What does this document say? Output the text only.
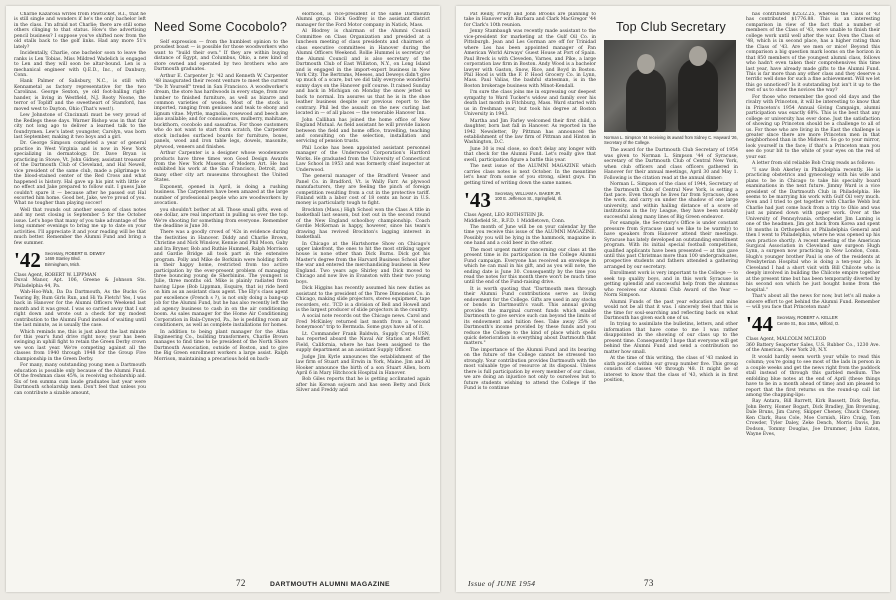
Charlie Kazarosa writes from Pawtucket, R.I., that he is still single and wonders if he's the only bachelor left in the class. I'm afraid not Charlie; there are still some others clinging to that status. How's the advertising pencil business? I suppose you've shifted now from the old stalls back to the golf links. Had any more 51's lately?

Incidentally, Charlie, one bachelor soon to leave the ranks is Len Tobias. Miss Mildred Wadelich is engaged to Len and they will soon be altar-bound. Len is a mechanical engineer with Q.E.D., Inc., of Danbury, Conn.

Hank Palmer of Salisbury, N.C., is still with Kennametal as factory representative for the two Carolinas. George Sexton, ye old foot-balling right-hander, is living in Westfield, N.J. Rooty Noone, the terror of Topliff and the sweetheart of Stamford, has moved west to Dayton, Ohio (That's west!).

Lew Johnstone of Cincinnati must be very proud of the Redlegs these days. Warner Bishop was in that fair city not long ago to deliver a learned talk to the foundrymen. Lew's latest youngster, Carolyn, was born last September, making it two boys and a girl.

Dr. George Simpson completed a year of general practice in West Virginia and is now in New York specializing in dermatology. Dr. Dave Bryan is practicing in Stowe, Vt. John Gidney, assistant treasurer of the Dartmouth Club of Cleveland, and Hal Newell, vice president of the same club, made a pilgrimage to the blood-stained center of the Red Cross and what happened is history. Hal gave up his pint with little or no effect and Jake prepared to follow suit. I guess Jake couldn't spare it — because after he passed out Hal escorted him home. Good bet, Jake, we're proud of you. What no tougher than playing soccer!

Well that rounds out another season of class notes and my next closing is September 5 for the October issue. Let's hope that many of you take advantage of the long summer evenings to bring me up to date on your activities. I'll appreciate it and your reading will be that much better. Remember the Alumni Fund and bring a few summer.

'42 Secretary, ROBERT B. DEWEY
1469 Stanley Blvd.
Birmingham, Mich.

Class Agent, ROBERT W. LIPPMAN
Duval Manor, Apt. 106, Greene & Johnson Sts. Philadelphia 44, Pa.

Wah-Hoo-Wah, Da Da Dartmouth, As the Bucks Go Tearing By, Rum Girls Run, and Hi Ya Fletch! Yes, I was back in Hanover for the Alumni Officers Weekend last month and it was great. I was so carried away that I sat right down and wrote out a check for my modest contribution to the Alumni Fund instead of waiting until the last minute, as is usually the case.

Which reminds me, this is just about the last minute for this year's fund drive right now; your has been swinging in uphill fight to retain the Green Derby crown we won last year. We're competing against all the classes from 1940 through 1948 for the Group Five championship in the Green Derby.

For many, many outstanding young men a Dartmouth education is possible only because of the Alumni Fund. Of the freshman class 45%, is receiving scholarship aid. Six of ten summa cum laude graduates last year were Dartmouth scholarship men. Don't feel that unless you can contribute a sizable amount,

Need Some Cocobolo?

Self expression — from the humblest opinion to the proudest boast — is possible for those woodworkers who want to "build their own." If they are within buying distance of Egypt, and Columbus, Ohio, a new kind of store owned and operated by two brothers who are Dartmouth graduates.

Arthur E. Carpenter Jr. '42 and Kenneth W. Carpenter '48 inaugurated their recent venture to meet the current "Do It Yourself" trend in San Francisco. A woodworker's dream, the store has hardwoods in every stage, from raw lumber to finished furniture, as well as bizarre and common varieties of woods. Most of the stock is imported, ranging from geniuses and teak to ebony and lignum vitae. Myrtle, magnolia, rosewood and beech are also available; and for connoisseurs, mulberry, mahitane, buckthorn, cocobolo and sassafras. For those customers who do not want to start from scratch, the Carpenter stock includes surfaced boards for furniture, boxes, panels, wood and iron table legs, dowels, masonite, plywood, veneers and finishes.

Arthur Carpenter is a designer whose woodenware products have three times won Good Design Awards from the New York Museum of Modern Art. He has exhibited his work at the San Francisco, Detroit, and many other city art museums throughout the United States.

Exponent, opened in April, is doing a rushing business. The Carpenters have been amazed at the large number of professional people who are woodworkers by avocation.

you shouldn't bother at all. Those small gifts, even of one dollar, are real important in pulling us over the top. We're shooting for something from everyone. Remember the deadline is June 30.

There was a goodly crowd of '42s in evidence during the festivities in Hanover. Diddy and Charlie Brown, Christine and Nick Winslow, Kennie and Phil Moon, Gaby and Ira Bryner, Bob and Ruthie Hummel, Ralph Morrison and Gardie Bridge all took part in the extensive program. Polly and Mike de Borkinin were holding forth in their happy home, restricted from too active participation by the ever-present problem of managing three bouncing young de Sherbinins. The youngest is Julie, three months old. Mike is plainly radiated from having Lipse (Bob Lippman, Esquire, that is) ride herd on him as an assistant class agent. The Ely's class agent par excellence (French s ?), is not only doing a bang-up job for the Alumni Fund, but he has also recently left the ad agency business to cash in on the air conditioning boom. As sales manager for the Home Air Conditioning Corporation in Bala-Cynwyd, Pa., he is peddling room air conditioners, as well as complete installations for homes.

In addition to being plant manager for the Atlas Engineering Co., building transformers, Charlie Brown manages to find time to be president of the North Shore Dartmouth Association, outside of Boston, and to give the Big Green enrollment workers a large assist. Ralph Morrison, maintaining a precarious hold on bach-

elorhood, is vice-president of the same Dartmouth Alumni group. Dick Godfrey is the assistant district manager for the Ford Motor company in Natick, Mass.

Al Blodrey is chairman of the Alumni Council Committee on Class Organization and presided at a luncheon meeting of class presidents and chairmen of class executive committees in Hanover during the Alumni Officers Weekend. Rollie Hummel is secretary of the Alumni Council and is also secretary of the Dartmouth Club of East Williston, N.Y., on Long Island and is engaged in the import-export business in New York City. The Bertrams, Meeses, and Deweys didn't give up much of a scare, but we did tally everyone wonderful sunny days on the Hanover golf course. It rained Sunday and back in Michigan on Monday the snow jetted us back to normal. Ira assures us that he is in the shoe leather business despite our previous report to the contrary. Phil led the assault on the new curling last located in — of all places — the venerable Hanover Inn.

John Callihan has joined the home office of New England Mutual. As field assistant he will provide liaison between the field and home office, travelling, teaching and consulting on the selection, installation and servicing of pension trusts.

Phil Locke has been appointed assistant personnel manager of the Underwood Corporation's Hartford Works. He graduated from the University of Connecticut Law School in 1953 and was formerly chief inspector at Underwood.

The general manager of the Bradford Veneer and Panel Co. in Bradford, Vt. is Wally Farr. As plywood manufacturers, they are feeling the pinch of foreign competition resulting from a cut in the protective tariff. Finland with a labor cost of 18 cents an hour in U.S. money is particularly tough to fight.

Brockton (Mass.) High School won the Class A title in basketball last season, but lost out in the second round of the New England schoolboy championship. Coach Gordie McKernan is happy, however, since his team's drawing has revived Brockton's lagging interest in basketball.

In Chicago at the Hartshorne Show on Chicago's upper lakefront, the ones to hit the most striking upper house is none other than Dick Burns. Dick got his Master's degree from the Harvard Business School after the war and entered the merchandising business in New England. Two years ago Shirley and Dick moved to Chicago and now live in Evanston with their two young boys.

Dick Higgins has recently assumed his new duties as assistant to the president of the Three Dimension Co. in Chicago, making slide projectors, stereo equipment, tape recorders, etc. TCD is a division of Bell and Howell and is the largest producer of slide projectors in the country.

A social note records out the Chicago news. Carol and Fred McKinley returned last month from a "second honeymoon" trip to Bermuda. Some guys have all of it.

Lt. Commander Frank Baldwin, Supply Corps USN, has reported aboard the Naval Air Station at Moffett Field, California, where he has been assigned to the supply department as an assistant Supply Officer.

Judge Jim Kyrle announces the establishment of the law firm of Stuart and Erwin in York, Maine. Jim and Al Hooker announce the birth of a son Stuart Allen, born April 6 in Mary Hitchcock Hospital in Hanover.

Bob Giles reports that he is getting acclimated again after his Korean sojourn and has seen Betty and Dick Silver and Freddy and

72	DARTMOUTH ALUMNI MAGAZINE

Pat Reilly, Prudy and John Brooks are planning to take in Hanover with Barbara and Clark MacGregor '44 for Clark's 10th reunion.

Jenny Stambaugh was recently made assistant to the vice-president for marketing at the Gulf Oil Co. in Pittsburgh. Jean and Les Gorman are off for Trinidad where Les has been appointed manager of Pan American World Airways' Guest House at Port of Spain. Paul Breck is with Cleveden, Varnes, and Pike, a large corporation law firm in Boston. Andy Wood is a bachelor lawyer with Gaston, Snow, Rice, and Boyd in Boston. Phil Hood is with the F. P. Hood Grocery Co. in Lynn, Mass. Paul Valias, the bashful statesman, is in the Boston brokerage business with Minot-Kendall.

I'm sure the class joins me in expressing our deepest sympathy to Ward Tucker's widow and family over his death last month in Fitchburg, Mass. Ward started with us in freshman year, but took his degree at Boston University in 1943.

Martha and Jim Farley welcomed their first child, a daughter, born last fall in Hanover. As reported in the 1942 Newsletter, By Pittman has announced the establishment of the law firm of Pittman and Hinton in Washington, D.C.

June 30 is real close, so don't delay any longer with that check for the Alumni Fund. Let's really give that swell, participation figure a battle this year.

The next issue of the ALUMNI MAGAZINE which carries class notes is next October. In the meantime let's hear from some of you strong, silent guys. I'm getting tired of writing down the same names.

'43 Secretary, WILLIAM A. BAKER JR.
100 E. Jefferson St., Springfield, Ill.

Class Agent, LEO ROTHSTEIN JR.
Middlefield St., R.F.D. 1 Middletown, Conn.

The month of June will be on your calendar by the time you receive this issue of the ALUMNI MAGAZINE. Possibly you will be lying in the hammock, magazine in one hand and a cold beer in the other.

The most urgent matter concerning our class at the present time is its participation in the College Alumni Fund campaign. Everyone has received an envelope in which he can mail in his gift, and as you will note, the ending date is June 30. Consequently by the time you read the notes for this month there won't be much time until the end of the Fund-raising drive.

It is worth quoting that "Dartmouth men through their Alumni Fund contributions serve as living endowment for the College. Gifts are used in any stocks or bonds in Dartmouth's vault. This annual giving provides the marginal current funds which enable Dartmouth to give service such can beyond the limits of its endowment and tuition fees. Take away 25% of Dartmouth's income provided by these funds and you reduce the College to the kind of place which spells quick deterioration in everything about Dartmouth that matters."

The importance of the Alumni Fund and its bearing on the future of the College cannot be stressed too strongly. Your contribution provides Dartmouth with the most valuable type of resource at its disposal. Unless there is full participation by every member of our class, we are doing an injustice not only to ourselves but to future students wishing to attend the College if the Fund is to continue

Top Club Secretary
Norman L. Simpson '44 receiving its award from Sidney C. Hayward '26, Secretary of the College.

The award for the Dartmouth Club Secretary of 1954 was given to Norman L. Simpson '44 of Syracuse, secretary of the Dartmouth Club of Central New York, when club officers and class officers gathered in Hanover for their annual meetings, April 30 and May 1. Following is the citation read at the annual dinner:

Norman L. Simpson of the class of 1944, Secretary of the Dartmouth Club of Central New York, is setting a fast pace. Even though he lives far from Syracuse, does the work, and carry on under the shadow of one large university, and within hailing distance of a score of institutions in the Ivy League, they have been notably successful along many lines of Big Green endeavor.

For example, the Secretary's Office is under constant pressure from Syracuse (and we like to be warmly) to have speakers from Hanover attend their meetings. Syracuse has lately developed an outstanding enrollment program. With its initial special football competition, qualified applicants have been presented — at this gave until this past Christmas more than 100 undergraduates, prospective students and fathers attended a gathering arranged by our secretary.

Enrollment work is very important to the College — to seek top quality boys, and in this work Syracuse is getting splendid and successful help from the alumnus who receives our Alumni Club Award of the Year — Norm Simpson.

Alumni Funds of the past year education and mine would not be all that it was. I sincerely feel that this is the time for soul-searching and reflecting back on what Dartmouth has given each one of us.

In trying to assimilate the bulletins, letters, and other information that have come to me I was rather disappointed in the showing of our class up to the present time. Consequently I hope that everyone will get behind the Alumni Fund and send a contribution no matter how small.

At the time of this writing, the class of '43 ranked in sixth position within our group number five. This group consists of classes '40 through '48. It might be of interest to know that the class of '43, which is in first position,

has contributed $2532.25, whereas the Class of '43 has contributed $1776.88. This is an interesting comparison in view of the fact that a number of members of the Class of '43, were unable to finish their college work until well after the war. Even the Class of '48, which is in second place, has a higher rating than the Class of '43. Are we men or mice! Beyond this comparison a big question mark looms on the horizon in that 850 members of the youngest alumni class, follows who hadn't even taken their comprehensives this time last year, have already made gifts to the Alumni Fund. This is far more than any other class and they deserve a terrific well done for such a fine achievement. Will we let this go unnoticed? Is it outstanding but isn't it up to the rest of us to show the novices the way?

For those who remember the good old days and the rivalry with Princeton, it will be interesting to know that in Princeton's 1954 Annual Giving Campaign, alumni participation was exactly 68%. This is the best that any college or university has ever done. Just the satisfaction of showing up Princeton should be a challenge to all of us. For those who are living in the East the challenge is greater since there are more Princeton men in that neighborhood than in the Midwest. So go to your mirror, look yourself in the face; if that's a Princeton man you see do your bit to the white of your eyes on the red of your ear.

A letter from old reliable Bob Craig reads as follows:

"I saw Bob Akerley in Philadelphia recently. He is practicing obstetrics and gynecology with his wife and plans to be in Chicago to take his specialty board examinations in the next future. Jimmy Ward is a vice president of the Dartmouth Club in Philadelphia. He seems to be marrying his work with Gulf Oil very much. Sven and I tried to get together with Charlie Webb but Charlie had just come back from a trip to Ohio and was just as pinned down with paper work. Over at the University of Pennsylvania, orthopedist Jim Laming is one of the headmen. Jim got back from Korea and spent 18 months in Orthopedics at Philadelphia General and then I went to Philadelphia, where he was opened up his own practice shortly. A recent meeting of the American Surgical Association in Cleveland saw surgeon Hugh Lynn, a surgeon now practicing in New London, Conn. Hugh's younger brother Paul is one of the residents at Presbyterian Hospital who is doing a ten-year job. In Cleveland I had a short visit with Bill Chilcote who is deeply involved in building the Chilcote empire together at the present time but has been temporarily diverted by his second son which he just bought home from the hospital."

That's about all the news for now, but let's all make a sincere effort to get behind the Alumni Fund. Remember — will you face that Princeton man?

'44 Secretary, ROBERT A. KELLER
Centre St., Box 165A, Milford, O.

Class Agent, MALCOLM MCLEOD
360 Battery Seaporter Sales, U.S. Rubber Co., 1230 Ave. of the Americas, New York 20, N.Y.

It would hardly seem worth your while to read this column; you're going to see most of the lads in person in a couple weeks and get the news right from the paddock stall instead of through this garbled medium. The enfolding blue notes at the end of April (these things have to be in a month ahead of time) and am pleased to report that the first returns on the round-up call list among the chapping-lips:

Ray Antara, Bill Barrett, Kirk Bassett, Dick Beyfus, John Berry, Homer Bogart, Dick Bradley, Jim Browning, Dale Bruns, Jim Carey, Skipper Cheney, Chuck Cheney, Ken Clark, Russ Cole, Moe Cornish, Hiro Craig, Tom Crowder, Tyler Daley, Zeke Dench, Morris Davis, Jim Dodson, Tommy Douglas, Joe Drummer, John Eaton, Wayne Eves,

Issue of JUNE 1954	73
